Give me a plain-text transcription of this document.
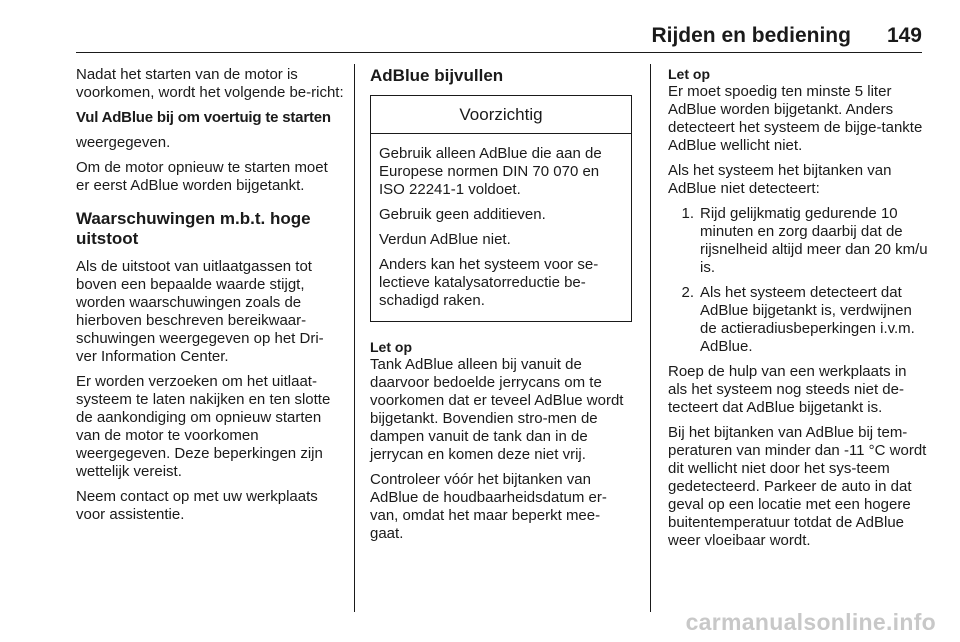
Rijden en bediening 149

Nadat het starten van de motor is voorkomen, wordt het volgende be-richt:

Vul AdBlue bij om voertuig te starten

weergegeven.

Om de motor opnieuw te starten moet er eerst AdBlue worden bijgetankt.

Waarschuwingen m.b.t. hoge uitstoot

Als de uitstoot van uitlaatgassen tot boven een bepaalde waarde stijgt, worden waarschuwingen zoals de hierboven beschreven bereikwaar-schuwingen weergegeven op het Dri-ver Information Center.

Er worden verzoeken om het uitlaat-systeem te laten nakijken en ten slotte de aankondiging om opnieuw starten van de motor te voorkomen weergegeven. Deze beperkingen zijn wettelijk vereist.

Neem contact op met uw werkplaats voor assistentie.

AdBlue bijvullen
Voorzichtig

Gebruik alleen AdBlue die aan de Europese normen DIN 70 070 en ISO 22241-1 voldoet.

Gebruik geen additieven.

Verdun AdBlue niet.

Anders kan het systeem voor se-lectieve katalysatorreductie be-schadigd raken.

Let op

Tank AdBlue alleen bij vanuit de daarvoor bedoelde jerrycans om te voorkomen dat er teveel AdBlue wordt bijgetankt. Bovendien stro-men de dampen vanuit de tank dan in de jerrycan en komen deze niet vrij.

Controleer vóór het bijtanken van AdBlue de houdbaarheidsdatum er-van, omdat het maar beperkt mee-gaat.

Let op

Er moet spoedig ten minste 5 liter AdBlue worden bijgetankt. Anders detecteert het systeem de bijge-tankte AdBlue wellicht niet.

Als het systeem het bijtanken van AdBlue niet detecteert:

1. Rijd gelijkmatig gedurende 10 minuten en zorg daarbij dat de rijsnelheid altijd meer dan 20 km/u is.
2. Als het systeem detecteert dat AdBlue bijgetankt is, verdwijnen de actieradiusbeperkingen i.v.m. AdBlue.

Roep de hulp van een werkplaats in als het systeem nog steeds niet de-tecteert dat AdBlue bijgetankt is.

Bij het bijtanken van AdBlue bij tem-peraturen van minder dan -11 °C wordt dit wellicht niet door het sys-teem gedetecteerd. Parkeer de auto in dat geval op een locatie met een hogere buitentemperatuur totdat de AdBlue weer vloeibaar wordt.

carmanualsonline.info
